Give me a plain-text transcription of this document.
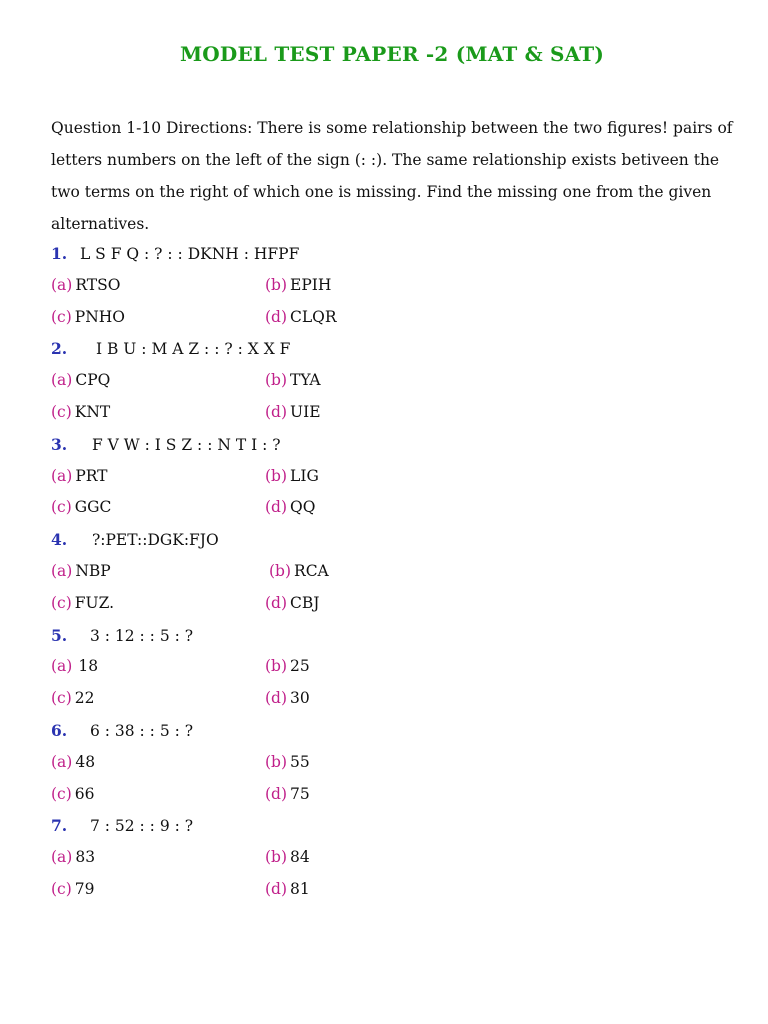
MODEL TEST PAPER -2 (MAT & SAT)
Question 1-10 Directions: There is some relationship between the two figures! pairs of letters numbers on the left of the sign (: :). The same relationship exists betiveen the two terms on the right of which one is missing. Find the missing one from the given alternatives.
1. L S F Q : ? : : DKNH : HFPF
(a) RTSO	(b) EPIH
(c) PNHO	(d) CLQR
2. I B U : M A Z : : ? : X X F
(a) CPQ	(b) TYA
(c) KNT	(d) UIE
3. F V W : I S Z : : N T I : ?
(a) PRT	(b) LIG
(c) GGC	(d) QQ
4. ?:PET::DGK:FJO
(a) NBP	(b) RCA
(c) FUZ.	(d) CBJ
5. 3 : 12 : : 5 : ?
(a) 18	(b) 25
(c) 22	(d) 30
6. 6 : 38 : : 5 : ?
(a) 48	(b) 55
(c) 66	(d) 75
7. 7 : 52 : : 9 : ?
(a) 83	(b) 84
(c) 79	(d) 81
